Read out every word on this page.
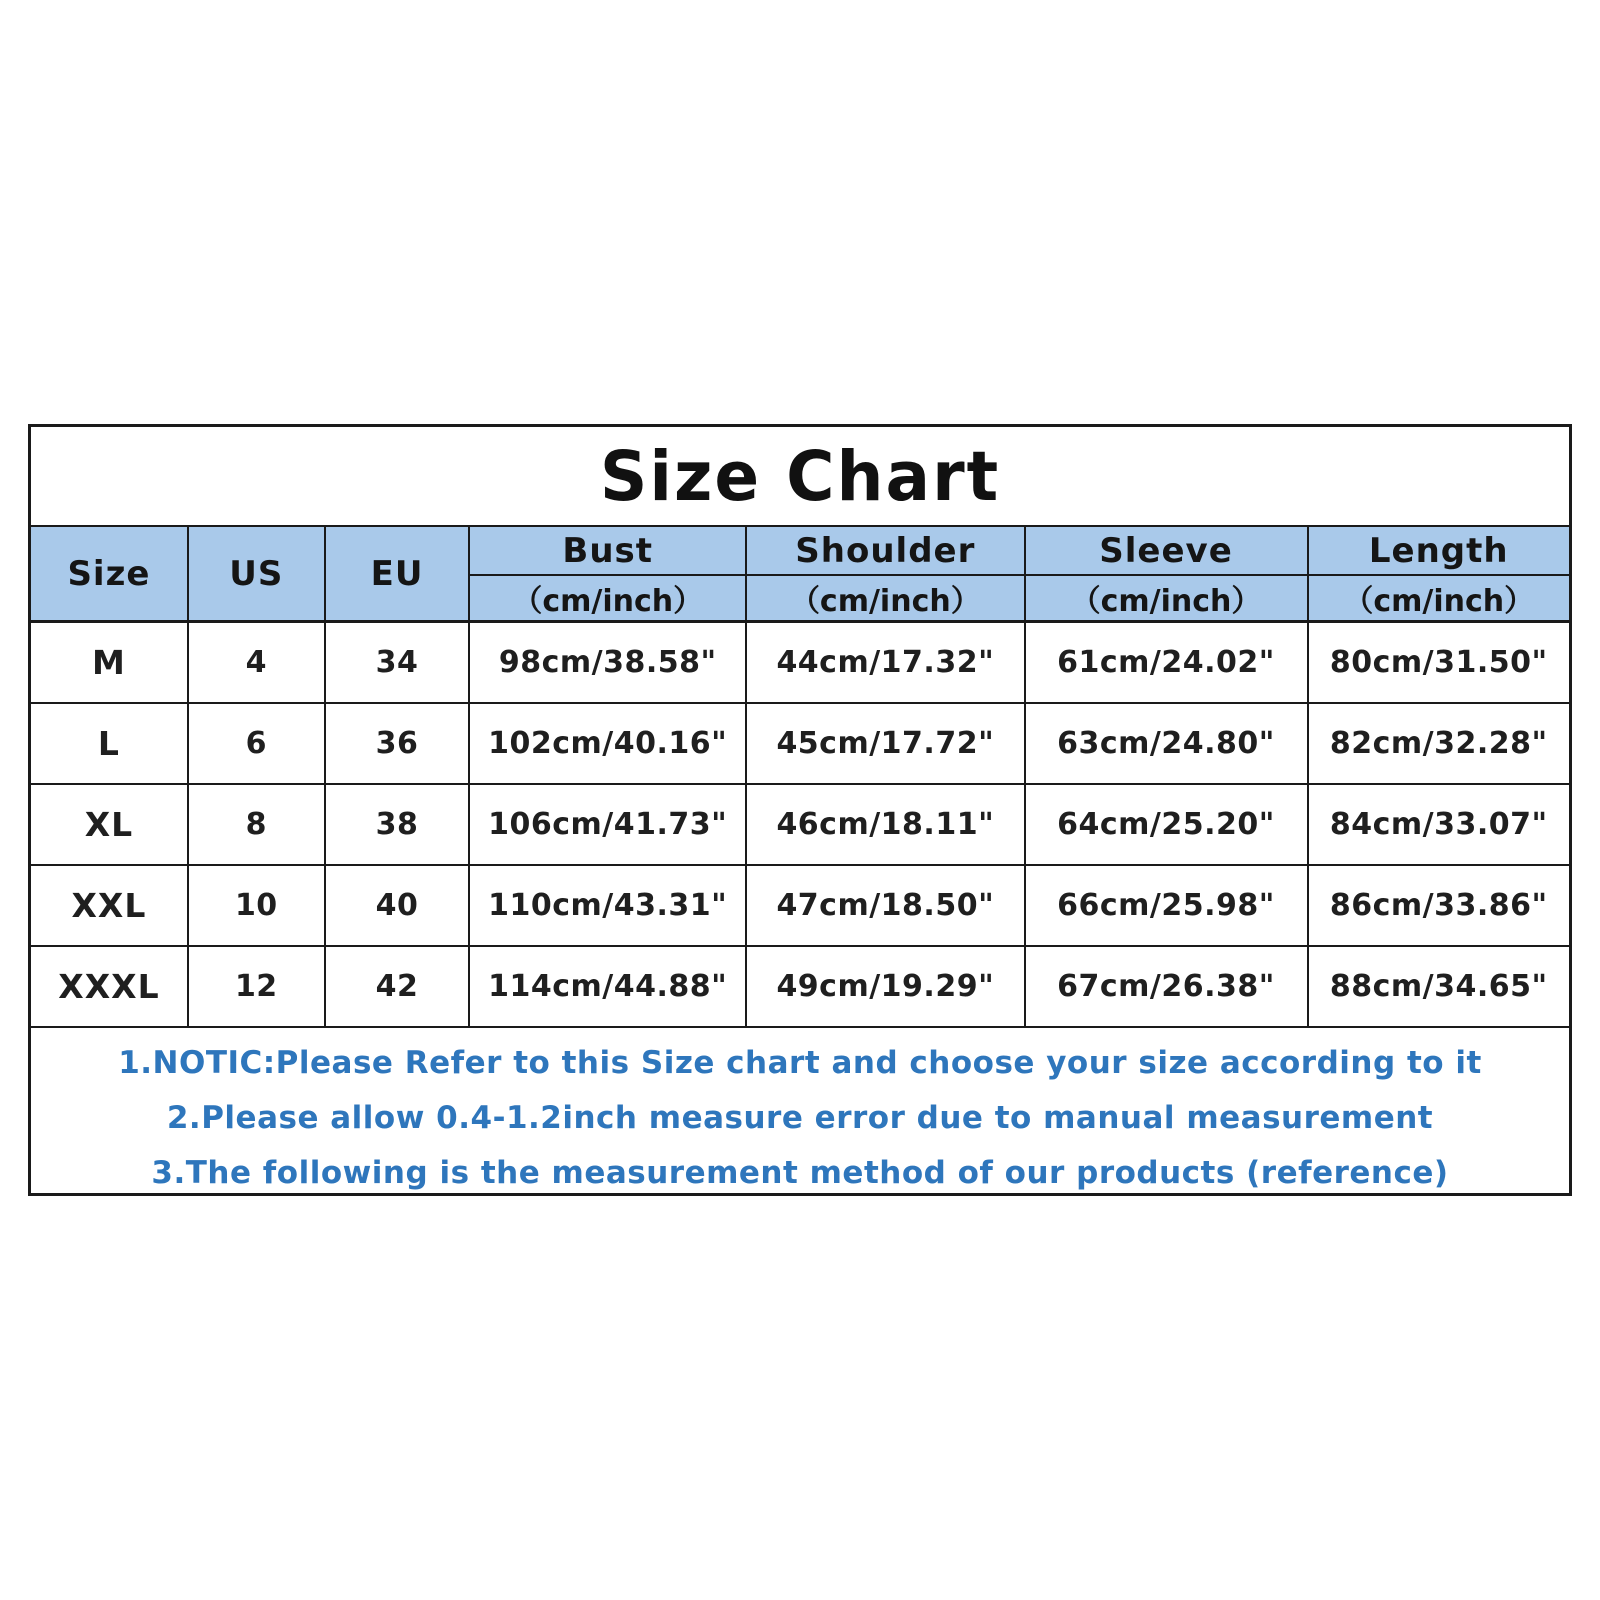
Size Chart
Size	US	EU	Bust	Shoulder	Sleeve	Length
			（cm/inch）	（cm/inch）	（cm/inch）	（cm/inch）
M	4	34	98cm/38.58"	44cm/17.32"	61cm/24.02"	80cm/31.50"
L	6	36	102cm/40.16"	45cm/17.72"	63cm/24.80"	82cm/32.28"
XL	8	38	106cm/41.73"	46cm/18.11"	64cm/25.20"	84cm/33.07"
XXL	10	40	110cm/43.31"	47cm/18.50"	66cm/25.98"	86cm/33.86"
XXXL	12	42	114cm/44.88"	49cm/19.29"	67cm/26.38"	88cm/34.65"
1.NOTIC:Please Refer to this Size chart and choose your size according to it
2.Please allow 0.4-1.2inch measure error due to manual measurement
3.The following is the measurement method of our products (reference)
